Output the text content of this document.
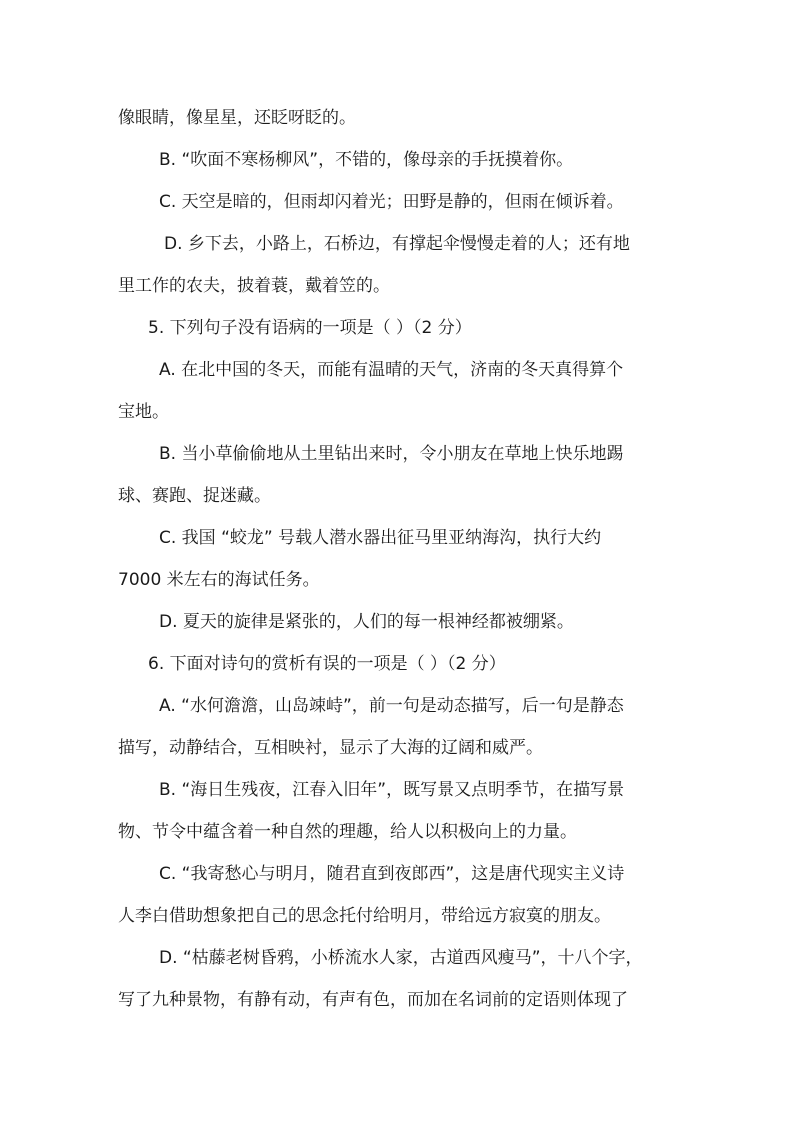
像眼睛，像星星，还眨呀眨的。
B. “吹面不寒杨柳风”，不错的，像母亲的手抚摸着你。
C. 天空是暗的，但雨却闪着光；田野是静的，但雨在倾诉着。
D. 乡下去，小路上，石桥边，有撑起伞慢慢走着的人；还有地
里工作的农夫，披着蓑，戴着笠的。
5. 下列句子没有语病的一项是（ ）（2 分）
A. 在北中国的冬天，而能有温晴的天气，济南的冬天真得算个
宝地。
B. 当小草偷偷地从土里钻出来时，令小朋友在草地上快乐地踢
球、赛跑、捉迷藏。
C. 我国 “蛟龙” 号载人潜水器出征马里亚纳海沟，执行大约
7000 米左右的海试任务。
D. 夏天的旋律是紧张的，人们的每一根神经都被绷紧。
6. 下面对诗句的赏析有误的一项是（ ）（2 分）
A. “水何澹澹，山岛竦峙”，前一句是动态描写，后一句是静态
描写，动静结合，互相映衬，显示了大海的辽阔和威严。
B. “海日生残夜，江春入旧年”，既写景又点明季节，在描写景
物、节令中蕴含着一种自然的理趣，给人以积极向上的力量。
C. “我寄愁心与明月，随君直到夜郎西”，这是唐代现实主义诗
人李白借助想象把自己的思念托付给明月，带给远方寂寞的朋友。
D. “枯藤老树昏鸦，小桥流水人家，古道西风瘦马”，十八个字，
写了九种景物，有静有动，有声有色，而加在名词前的定语则体现了
